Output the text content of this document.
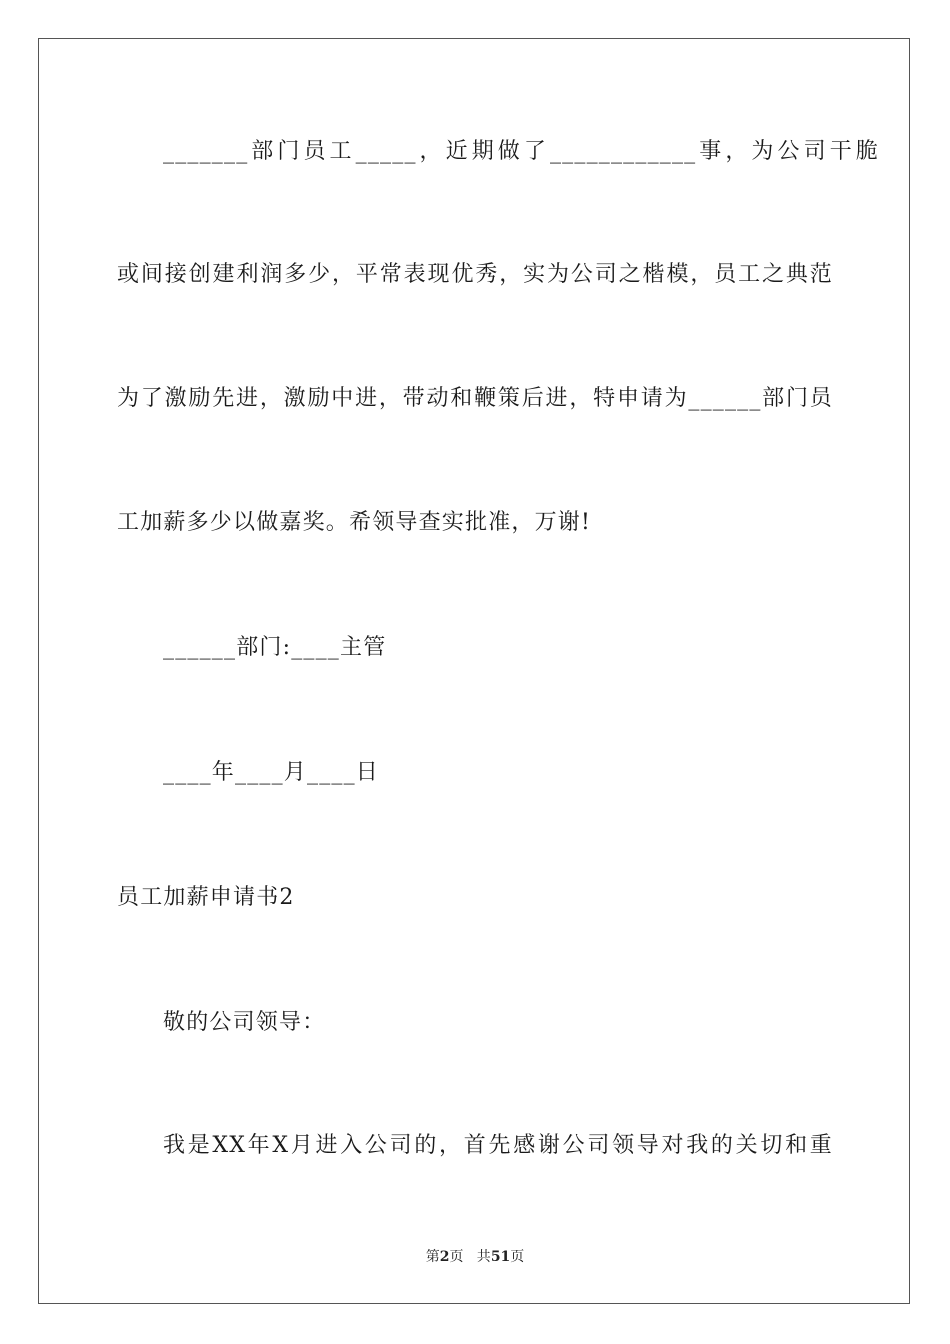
_______部门员工_____，近期做了____________事，为公司干脆
或间接创建利润多少，平常表现优秀，实为公司之楷模，员工之典范
为了激励先进，激励中进，带动和鞭策后进，特申请为______部门员
工加薪多少以做嘉奖。希领导查实批准，万谢!
______部门:____主管
____年____月____日
员工加薪申请书2
敬的公司领导：
我是XX年X月进入公司的，首先感谢公司领导对我的关切和重
第2页   共51页
